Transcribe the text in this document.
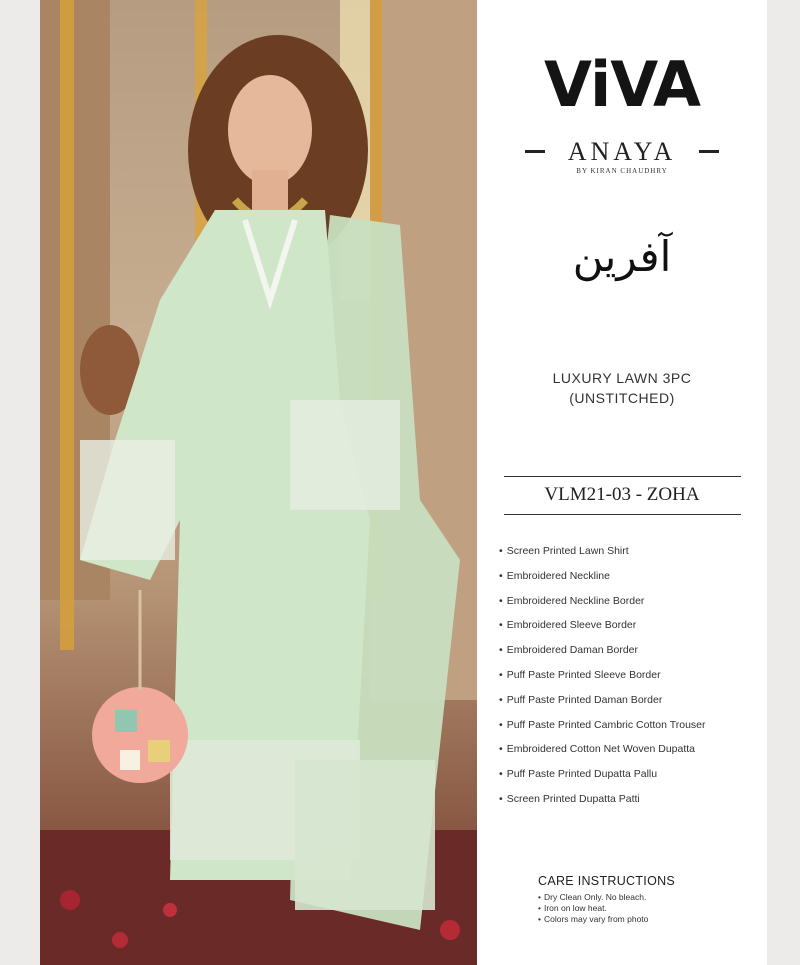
ViVA
ANAYA
BY KIRAN CHAUDHRY
آفرین
LUXURY LAWN 3PC
(UNSTITCHED)
VLM21-03 - ZOHA
• Screen Printed Lawn Shirt
• Embroidered Neckline
• Embroidered Neckline Border
• Embroidered Sleeve Border
• Embroidered Daman Border
• Puff Paste Printed Sleeve Border
• Puff Paste Printed Daman Border
• Puff Paste Printed Cambric Cotton Trouser
• Embroidered Cotton Net Woven Dupatta
• Puff Paste Printed Dupatta Pallu
• Screen Printed Dupatta Patti
CARE INSTRUCTIONS
• Dry Clean Only. No bleach.
• Iron on low heat.
• Colors may vary from photo
